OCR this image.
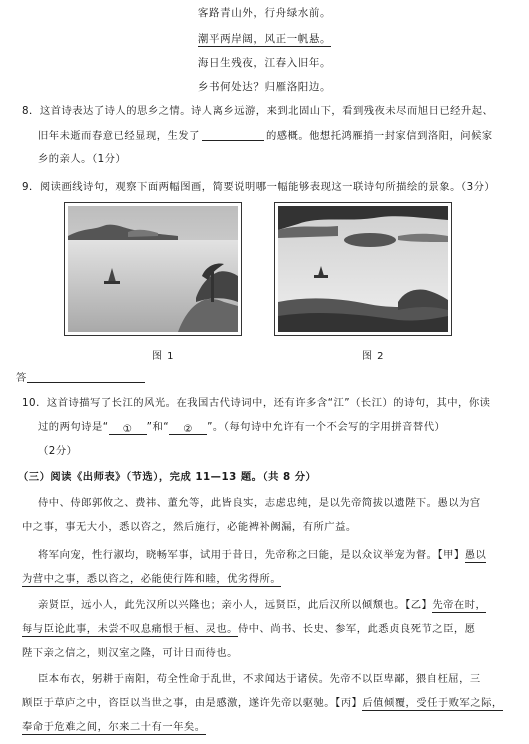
客路青山外，行舟绿水前。
潮平两岸阔，风正一帆悬。
海日生残夜，江春入旧年。
乡书何处达？归雁洛阳边。
8．这首诗表达了诗人的思乡之情。诗人离乡远游，来到北固山下，看到残夜未尽而旭日已经升起、
旧年未逝而春意已经显现，生发了	的感概。他想托鸿雁捎一封家信到洛阳，问候家
乡的亲人。（1分）
9．阅读画线诗句，观察下面两幅图画，简要说明哪一幅能够表现这一联诗句所描绘的景象。（3分）
图 1	图 2
答
10．这首诗描写了长江的风光。在我国古代诗词中，还有许多含“江”（长江）的诗句，其中，你读
过的两句诗是“ ① ”和“ ② ”。（每句诗中允许有一个不会写的字用拼音替代）
（2分）
（三）阅读《出师表》（节选），完成 11—13 题。（共 8 分）
侍中、侍郎郭攸之、费祎、董允等，此皆良实，志虑忠纯，是以先帝简拔以遗陛下。愚以为宫
中之事，事无大小，悉以咨之，然后施行，必能裨补阙漏，有所广益。
将军向宠，性行淑均，晓畅军事，试用于昔日，先帝称之曰能，是以众议举宠为督。【甲】愚以
为营中之事，悉以咨之，必能使行阵和睦，优劣得所。
亲贤臣，远小人，此先汉所以兴隆也；亲小人，远贤臣，此后汉所以倾颓也。【乙】先帝在时，
每与臣论此事，未尝不叹息痛恨于桓、灵也。侍中、尚书、长史、参军，此悉贞良死节之臣，愿
陛下亲之信之，则汉室之隆，可计日而待也。
臣本布衣，躬耕于南阳，苟全性命于乱世，不求闻达于诸侯。先帝不以臣卑鄙，猥自枉屈，三
顾臣于草庐之中，咨臣以当世之事，由是感激，遂许先帝以驱驰。【丙】后值倾覆，受任于败军之际，
奉命于危难之间，尔来二十有一年矣。
